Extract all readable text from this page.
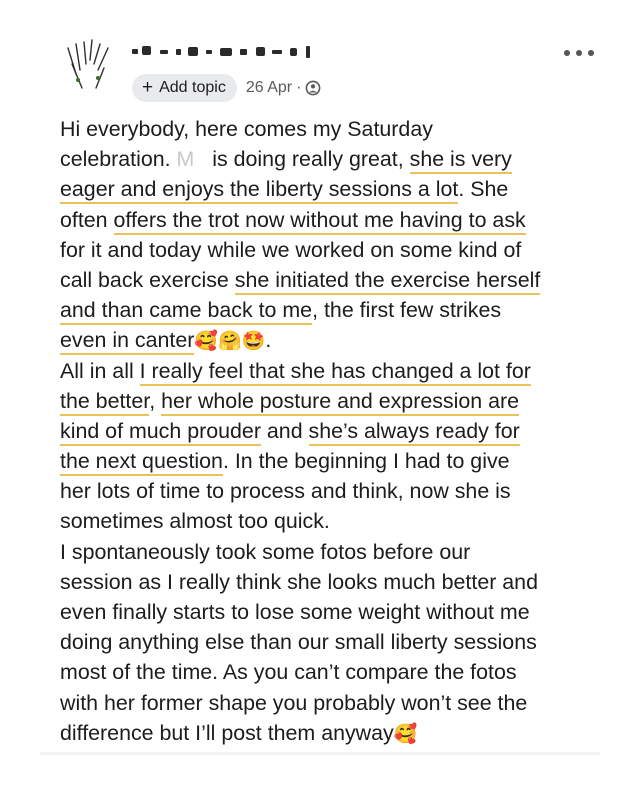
+ Add topic 26 Apr ·
Hi everybody, here comes my Saturday
celebration. M  is doing really great, she is very
eager and enjoys the liberty sessions a lot. She
often offers the trot now without me having to ask
for it and today while we worked on some kind of
call back exercise she initiated the exercise herself
and than came back to me, the first few strikes
even in canter🥰🤗🤩.
All in all I really feel that she has changed a lot for
the better, her whole posture and expression are
kind of much prouder and she’s always ready for
the next question. In the beginning I had to give
her lots of time to process and think, now she is
sometimes almost too quick.
I spontaneously took some fotos before our
session as I really think she looks much better and
even finally starts to lose some weight without me
doing anything else than our small liberty sessions
most of the time. As you can’t compare the fotos
with her former shape you probably won’t see the
difference but I’ll post them anyway🥰
